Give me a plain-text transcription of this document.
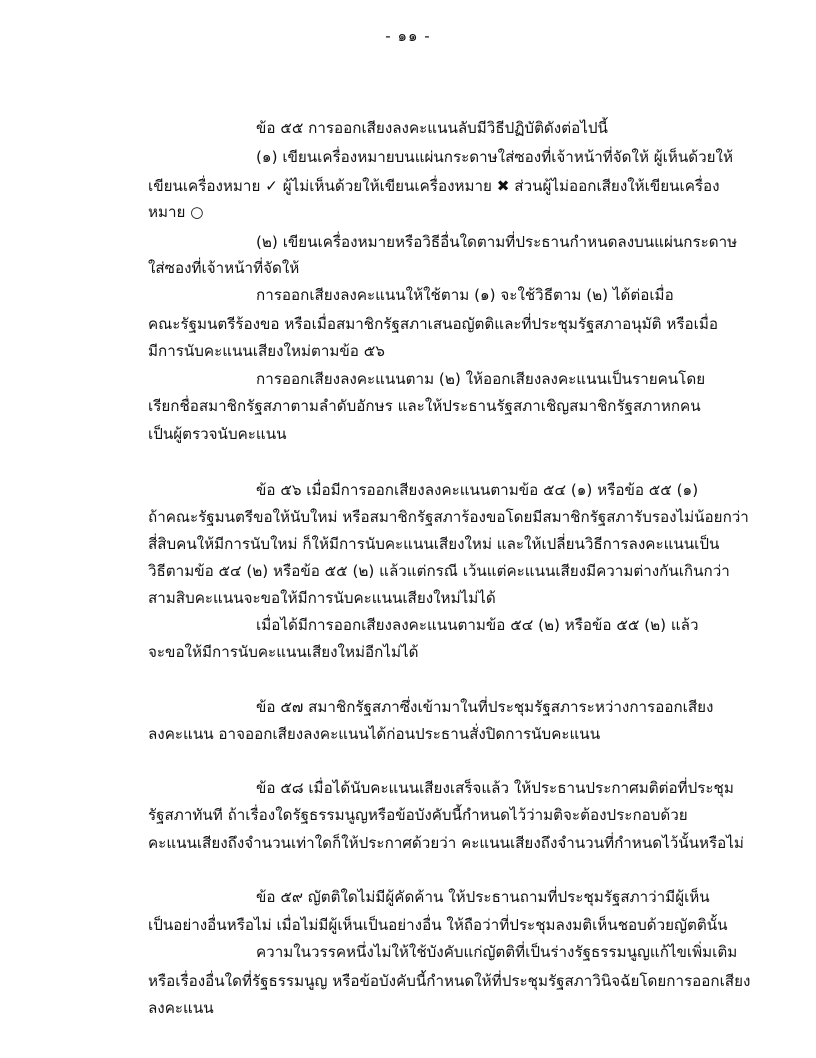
- ๑๑ -
ข้อ ๕๕ การออกเสียงลงคะแนนลับมีวิธีปฏิบัติดังต่อไปนี้
(๑) เขียนเครื่องหมายบนแผ่นกระดาษใส่ซองที่เจ้าหน้าที่จัดให้ ผู้เห็นด้วยให้
เขียนเครื่องหมาย ✓ ผู้ไม่เห็นด้วยให้เขียนเครื่องหมาย ✖ ส่วนผู้ไม่ออกเสียงให้เขียนเครื่อง
หมาย ○
(๒) เขียนเครื่องหมายหรือวิธีอื่นใดตามที่ประธานกำหนดลงบนแผ่นกระดาษ
ใส่ซองที่เจ้าหน้าที่จัดให้
การออกเสียงลงคะแนนให้ใช้ตาม (๑) จะใช้วิธีตาม (๒) ได้ต่อเมื่อ
คณะรัฐมนตรีร้องขอ หรือเมื่อสมาชิกรัฐสภาเสนอญัตติและที่ประชุมรัฐสภาอนุมัติ หรือเมื่อ
มีการนับคะแนนเสียงใหม่ตามข้อ ๕๖
การออกเสียงลงคะแนนตาม (๒) ให้ออกเสียงลงคะแนนเป็นรายคนโดย
เรียกชื่อสมาชิกรัฐสภาตามลำดับอักษร และให้ประธานรัฐสภาเชิญสมาชิกรัฐสภาหกคน
เป็นผู้ตรวจนับคะแนน
ข้อ ๕๖ เมื่อมีการออกเสียงลงคะแนนตามข้อ ๕๔ (๑) หรือข้อ ๕๕ (๑)
ถ้าคณะรัฐมนตรีขอให้นับใหม่ หรือสมาชิกรัฐสภาร้องขอโดยมีสมาชิกรัฐสภารับรองไม่น้อยกว่า
สี่สิบคนให้มีการนับใหม่ ก็ให้มีการนับคะแนนเสียงใหม่ และให้เปลี่ยนวิธีการลงคะแนนเป็น
วิธีตามข้อ ๕๔ (๒) หรือข้อ ๕๕ (๒) แล้วแต่กรณี เว้นแต่คะแนนเสียงมีความต่างกันเกินกว่า
สามสิบคะแนนจะขอให้มีการนับคะแนนเสียงใหม่ไม่ได้
เมื่อได้มีการออกเสียงลงคะแนนตามข้อ ๕๔ (๒) หรือข้อ ๕๕ (๒) แล้ว
จะขอให้มีการนับคะแนนเสียงใหม่อีกไม่ได้
ข้อ ๕๗ สมาชิกรัฐสภาซึ่งเข้ามาในที่ประชุมรัฐสภาระหว่างการออกเสียง
ลงคะแนน อาจออกเสียงลงคะแนนได้ก่อนประธานสั่งปิดการนับคะแนน
ข้อ ๕๘ เมื่อได้นับคะแนนเสียงเสร็จแล้ว ให้ประธานประกาศมติต่อที่ประชุม
รัฐสภาทันที ถ้าเรื่องใดรัฐธรรมนูญหรือข้อบังคับนี้กำหนดไว้ว่ามติจะต้องประกอบด้วย
คะแนนเสียงถึงจำนวนเท่าใดก็ให้ประกาศด้วยว่า คะแนนเสียงถึงจำนวนที่กำหนดไว้นั้นหรือไม่
ข้อ ๕๙ ญัตติใดไม่มีผู้คัดค้าน ให้ประธานถามที่ประชุมรัฐสภาว่ามีผู้เห็น
เป็นอย่างอื่นหรือไม่ เมื่อไม่มีผู้เห็นเป็นอย่างอื่น ให้ถือว่าที่ประชุมลงมติเห็นชอบด้วยญัตตินั้น
ความในวรรคหนึ่งไม่ให้ใช้บังคับแก่ญัตติที่เป็นร่างรัฐธรรมนูญแก้ไขเพิ่มเติม
หรือเรื่องอื่นใดที่รัฐธรรมนูญ หรือข้อบังคับนี้กำหนดให้ที่ประชุมรัฐสภาวินิจฉัยโดยการออกเสียง
ลงคะแนน
